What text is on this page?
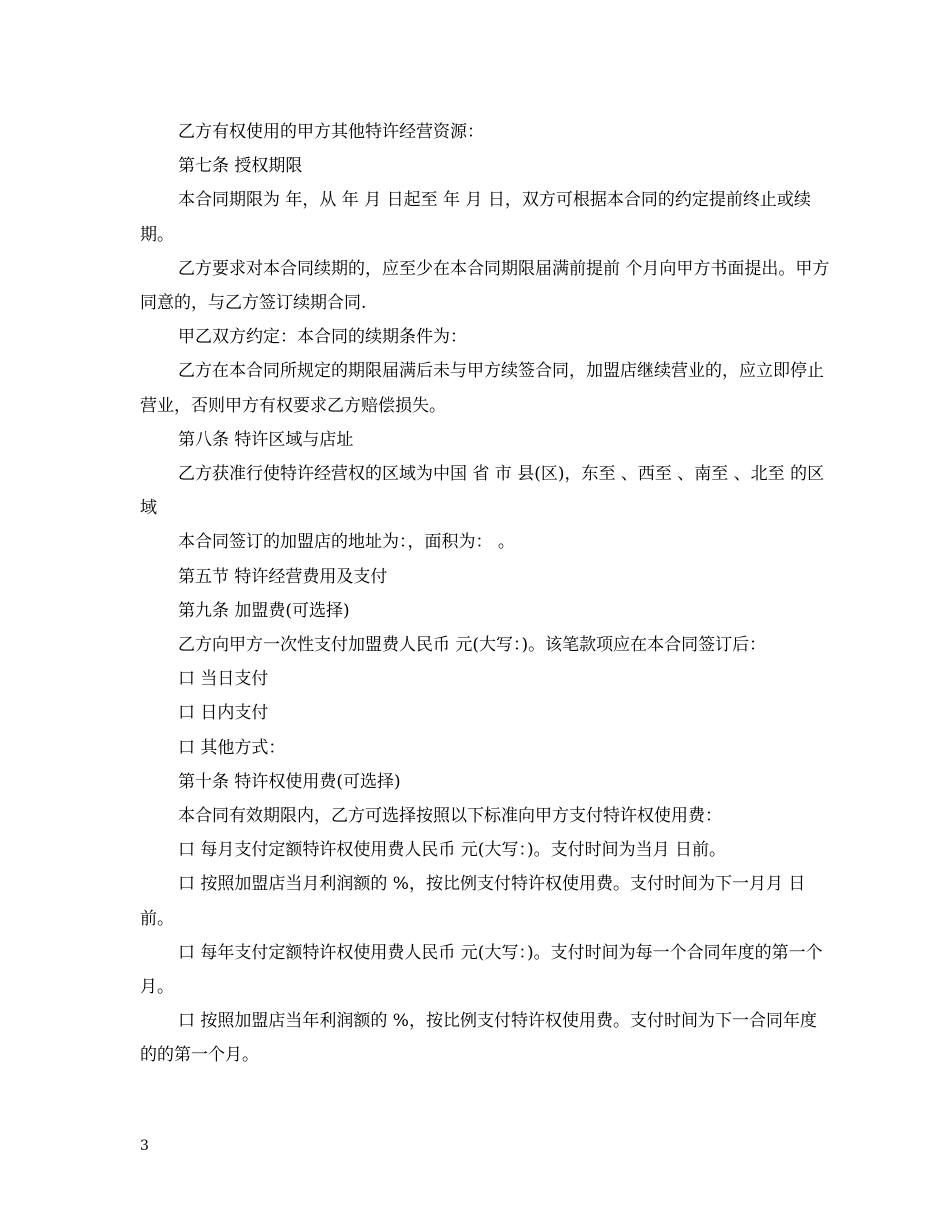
乙方有权使用的甲方其他特许经营资源：

第七条 授权期限

本合同期限为 年，从 年 月 日起至 年 月 日，双方可根据本合同的约定提前终止或续期。

乙方要求对本合同续期的，应至少在本合同期限届满前提前 个月向甲方书面提出。甲方同意的，与乙方签订续期合同.

甲乙双方约定：本合同的续期条件为：

乙方在本合同所规定的期限届满后未与甲方续签合同，加盟店继续营业的，应立即停止营业，否则甲方有权要求乙方赔偿损失。

第八条 特许区域与店址

乙方获准行使特许经营权的区域为中国 省 市 县(区)，东至 、西至 、南至 、北至 的区域

本合同签订的加盟店的地址为：，面积为： 。

第五节 特许经营费用及支付

第九条 加盟费(可选择)

乙方向甲方一次性支付加盟费人民币 元(大写：)。该笔款项应在本合同签订后：

口 当日支付

口 日内支付

口 其他方式：

第十条 特许权使用费(可选择)

本合同有效期限内，乙方可选择按照以下标准向甲方支付特许权使用费：

口 每月支付定额特许权使用费人民币 元(大写：)。支付时间为当月 日前。

口 按照加盟店当月利润额的 %，按比例支付特许权使用费。支付时间为下一月月 日前。

口 每年支付定额特许权使用费人民币 元(大写：)。支付时间为每一个合同年度的第一个月。

口 按照加盟店当年利润额的 %，按比例支付特许权使用费。支付时间为下一合同年度的的第一个月。

3
